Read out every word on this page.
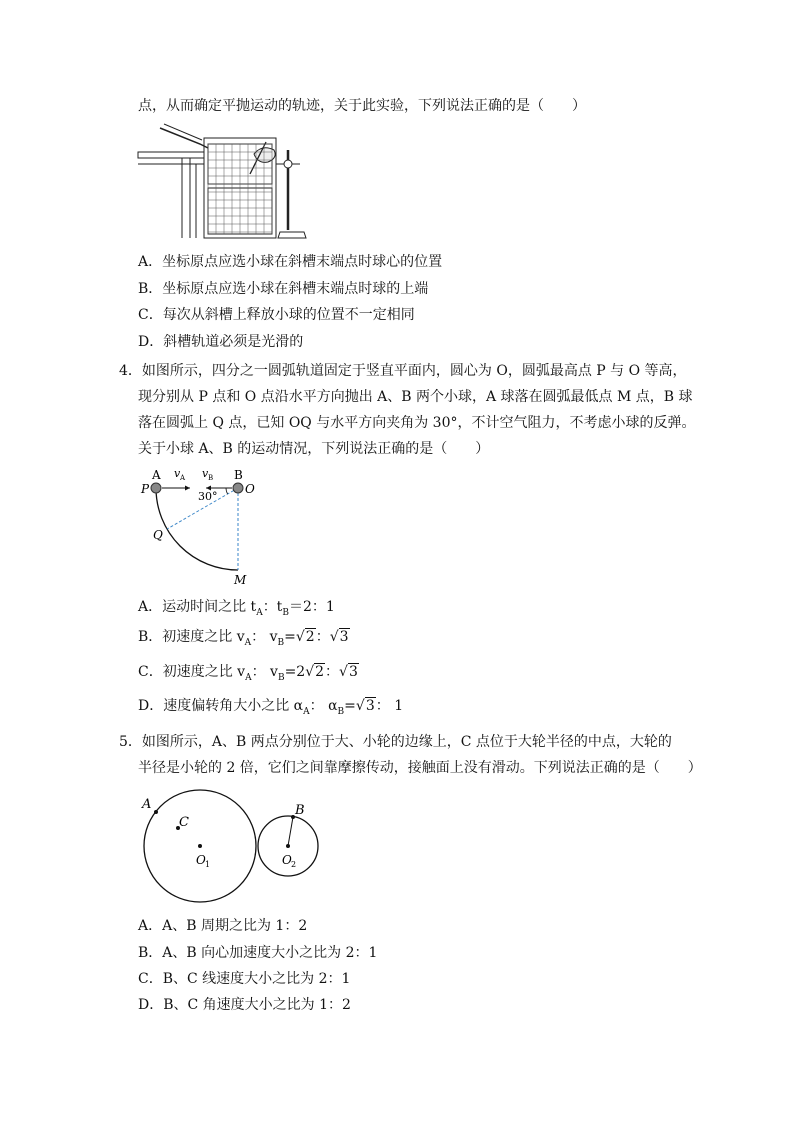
点，从而确定平抛运动的轨迹，关于此实验，下列说法正确的是（　　）
A．坐标原点应选小球在斜槽末端点时球心的位置
B．坐标原点应选小球在斜槽末端点时球的上端
C．每次从斜槽上释放小球的位置不一定相同
D．斜槽轨道必须是光滑的
4．如图所示，四分之一圆弧轨道固定于竖直平面内，圆心为 O，圆弧最高点 P 与 O 等高，
现分别从 P 点和 O 点沿水平方向抛出 A、B 两个小球，A 球落在圆弧最低点 M 点，B 球
落在圆弧上 Q 点，已知 OQ 与水平方向夹角为 30°，不计空气阻力，不考虑小球的反弹。
关于小球 A、B 的运动情况，下列说法正确的是（　　）
A	B
P	O
Q
M
v A v B
30°
A．运动时间之比 $t_A$：$t_B=2$：1
B．初速度之比 $v_A$： $v_B=√2$：√3
C．初速度之比 $v_A$： $v_B=2√2$：√3
D．速度偏转角大小之比 $\alpha_A$： $\alpha_B=√3$： 1
5．如图所示，A、B 两点分别位于大、小轮的边缘上，C 点位于大轮半径的中点，大轮的
半径是小轮的 2 倍，它们之间靠摩擦传动，接触面上没有滑动。下列说法正确的是（　　）
A
C
O 1
B
O 2
A．A、B 周期之比为 1：2
B．A、B 向心加速度大小之比为 2：1
C．B、C 线速度大小之比为 2：1
D．B、C 角速度大小之比为 1：2
